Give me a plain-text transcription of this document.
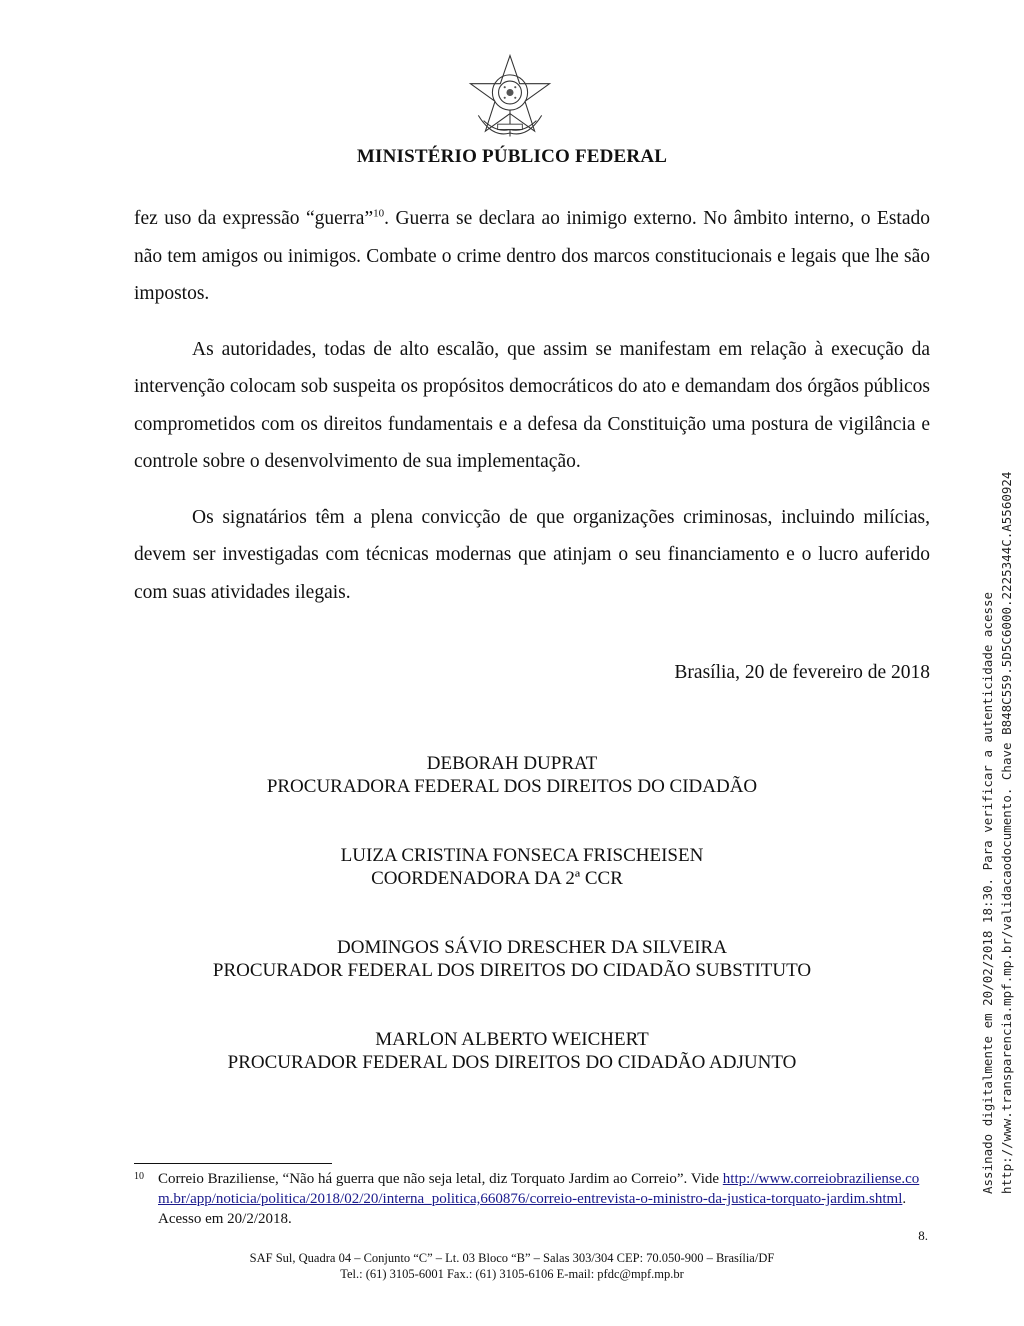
MINISTÉRIO PÚBLICO FEDERAL

fez uso da expressão “guerra”$^{10}$. Guerra se declara ao inimigo externo. No âmbito interno, o Estado não tem amigos ou inimigos. Combate o crime dentro dos marcos constitucionais e legais que lhe são impostos.

As autoridades, todas de alto escalão, que assim se manifestam em relação à execução da intervenção colocam sob suspeita os propósitos democráticos do ato e demandam dos órgãos públicos comprometidos com os direitos fundamentais e a defesa da Constituição uma postura de vigilância e controle sobre o desenvolvimento de sua implementação.

Os signatários têm a plena convicção de que organizações criminosas, incluindo milícias, devem ser investigadas com técnicas modernas que atinjam o seu financiamento e o lucro auferido com suas atividades ilegais.

Brasília, 20 de fevereiro de 2018
DEBORAH DUPRAT
PROCURADORA FEDERAL DOS DIREITOS DO CIDADÃO
LUIZA CRISTINA FONSECA FRISCHEISEN
COORDENADORA DA 2ª CCR
DOMINGOS SÁVIO DRESCHER DA SILVEIRA
PROCURADOR FEDERAL DOS DIREITOS DO CIDADÃO SUBSTITUTO
MARLON ALBERTO WEICHERT
PROCURADOR FEDERAL DOS DIREITOS DO CIDADÃO ADJUNTO
10 Correio Braziliense, “Não há guerra que não seja letal, diz Torquato Jardim ao Correio”. Vide http://www.correiobraziliense.com.br/app/noticia/politica/2018/02/20/interna_politica,660876/correio-entrevista-o-ministro-da-justica-torquato-jardim.shtml. Acesso em 20/2/2018.
8.
SAF Sul, Quadra 04 – Conjunto “C” – Lt. 03 Bloco “B” – Salas 303/304 CEP: 70.050-900 – Brasília/DF
Tel.: (61) 3105-6001 Fax.: (61) 3105-6106 E-mail: pfdc@mpf.mp.br
Assinado digitalmente em 20/02/2018 18:30. Para verificar a autenticidade acesse http://www.transparencia.mpf.mp.br/validacaodocumento. Chave B848C559.5D5C6000.2225344C.A5560924
